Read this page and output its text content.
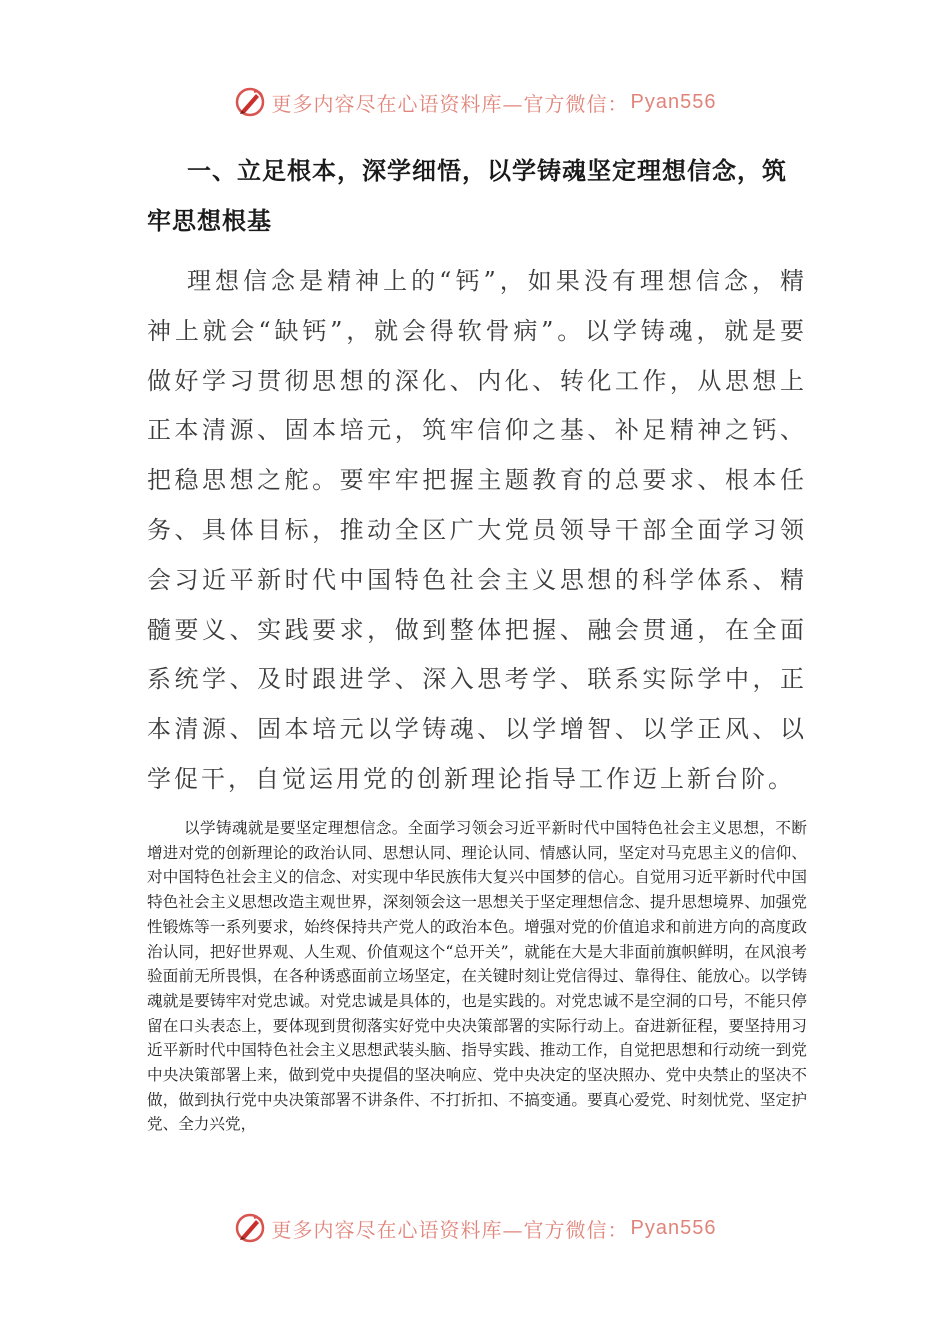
更多内容尽在心语资料库—官方微信： Pyan556
一、立足根本，深学细悟，以学铸魂坚定理想信念，筑牢思想根基

理想信念是精神上的“钙”，如果没有理想信念，精神上就会“缺钙”，就会得软骨病”。以学铸魂，就是要做好学习贯彻思想的深化、内化、转化工作，从思想上正本清源、固本培元，筑牢信仰之基、补足精神之钙、把稳思想之舵。要牢牢把握主题教育的总要求、根本任务、具体目标，推动全区广大党员领导干部全面学习领会习近平新时代中国特色社会主义思想的科学体系、精髓要义、实践要求，做到整体把握、融会贯通，在全面系统学、及时跟进学、深入思考学、联系实际学中，正本清源、固本培元以学铸魂、以学增智、以学正风、以学促干，自觉运用党的创新理论指导工作迈上新台阶。

以学铸魂就是要坚定理想信念。全面学习领会习近平新时代中国特色社会主义思想，不断增进对党的创新理论的政治认同、思想认同、理论认同、情感认同，坚定对马克思主义的信仰、对中国特色社会主义的信念、对实现中华民族伟大复兴中国梦的信心。自觉用习近平新时代中国特色社会主义思想改造主观世界，深刻领会这一思想关于坚定理想信念、提升思想境界、加强党性锻炼等一系列要求，始终保持共产党人的政治本色。增强对党的价值追求和前进方向的高度政治认同，把好世界观、人生观、价值观这个“总开关”，就能在大是大非面前旗帜鲜明，在风浪考验面前无所畏惧，在各种诱惑面前立场坚定，在关键时刻让党信得过、靠得住、能放心。以学铸魂就是要铸牢对党忠诚。对党忠诚是具体的，也是实践的。对党忠诚不是空洞的口号，不能只停留在口头表态上，要体现到贯彻落实好党中央决策部署的实际行动上。奋进新征程，要坚持用习近平新时代中国特色社会主义思想武装头脑、指导实践、推动工作，自觉把思想和行动统一到党中央决策部署上来，做到党中央提倡的坚决响应、党中央决定的坚决照办、党中央禁止的坚决不做，做到执行党中央决策部署不讲条件、不打折扣、不搞变通。要真心爱党、时刻忧党、坚定护党、全力兴党，

更多内容尽在心语资料库—官方微信： Pyan556
